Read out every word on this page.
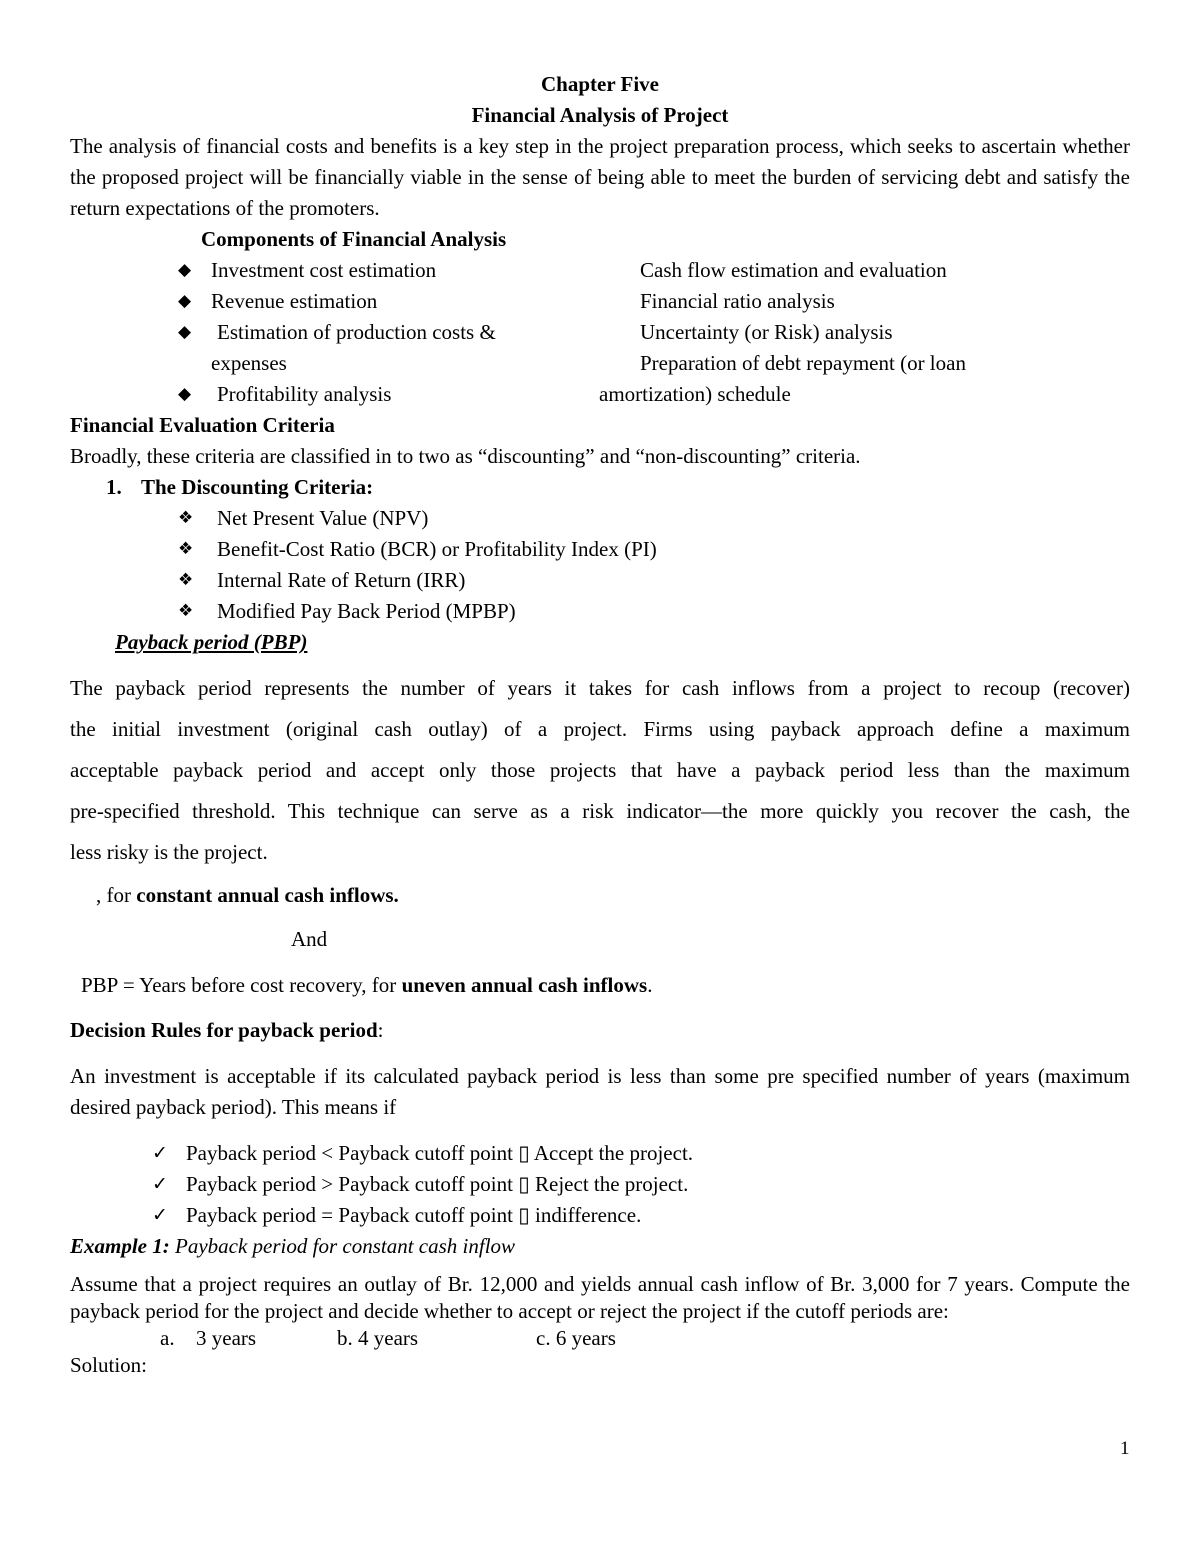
Chapter Five
Financial Analysis of Project
The analysis of financial costs and benefits is a key step in the project preparation process, which seeks to ascertain whether the proposed project will be financially viable in the sense of being able to meet the burden of servicing debt and satisfy the return expectations of the promoters.
Components of Financial Analysis
◆ Investment cost estimation	Cash flow estimation and evaluation
◆ Revenue estimation	Financial ratio analysis
◆ Estimation of production costs &	Uncertainty (or Risk) analysis
expenses	Preparation of debt repayment (or loan
◆ Profitability analysis	amortization) schedule
Financial Evaluation Criteria
Broadly, these criteria are classified in to two as “discounting” and “non-discounting” criteria.
1. The Discounting Criteria:
❖ Net Present Value (NPV)
❖ Benefit-Cost Ratio (BCR) or Profitability Index (PI)
❖ Internal Rate of Return (IRR)
❖ Modified Pay Back Period (MPBP)
Payback period (PBP)
The payback period represents the number of years it takes for cash inflows from a project to recoup (recover)
the initial investment (original cash outlay) of a project. Firms using payback approach define a maximum
acceptable payback period and accept only those projects that have a payback period less than the maximum
pre-specified threshold. This technique can serve as a risk indicator—the more quickly you recover the cash, the
less risky is the project.
, for constant annual cash inflows.
And
PBP = Years before cost recovery, for uneven annual cash inflows.
Decision Rules for payback period:
An investment is acceptable if its calculated payback period is less than some pre specified number of years (maximum desired payback period). This means if
✓ Payback period < Payback cutoff point ▯ Accept the project.
✓ Payback period > Payback cutoff point ▯ Reject the project.
✓ Payback period = Payback cutoff point ▯ indifference.
Example 1: Payback period for constant cash inflow
Assume that a project requires an outlay of Br. 12,000 and yields annual cash inflow of Br. 3,000 for 7 years. Compute the payback period for the project and decide whether to accept or reject the project if the cutoff periods are:
a. 3 years	b. 4 years	c. 6 years
Solution:
1
